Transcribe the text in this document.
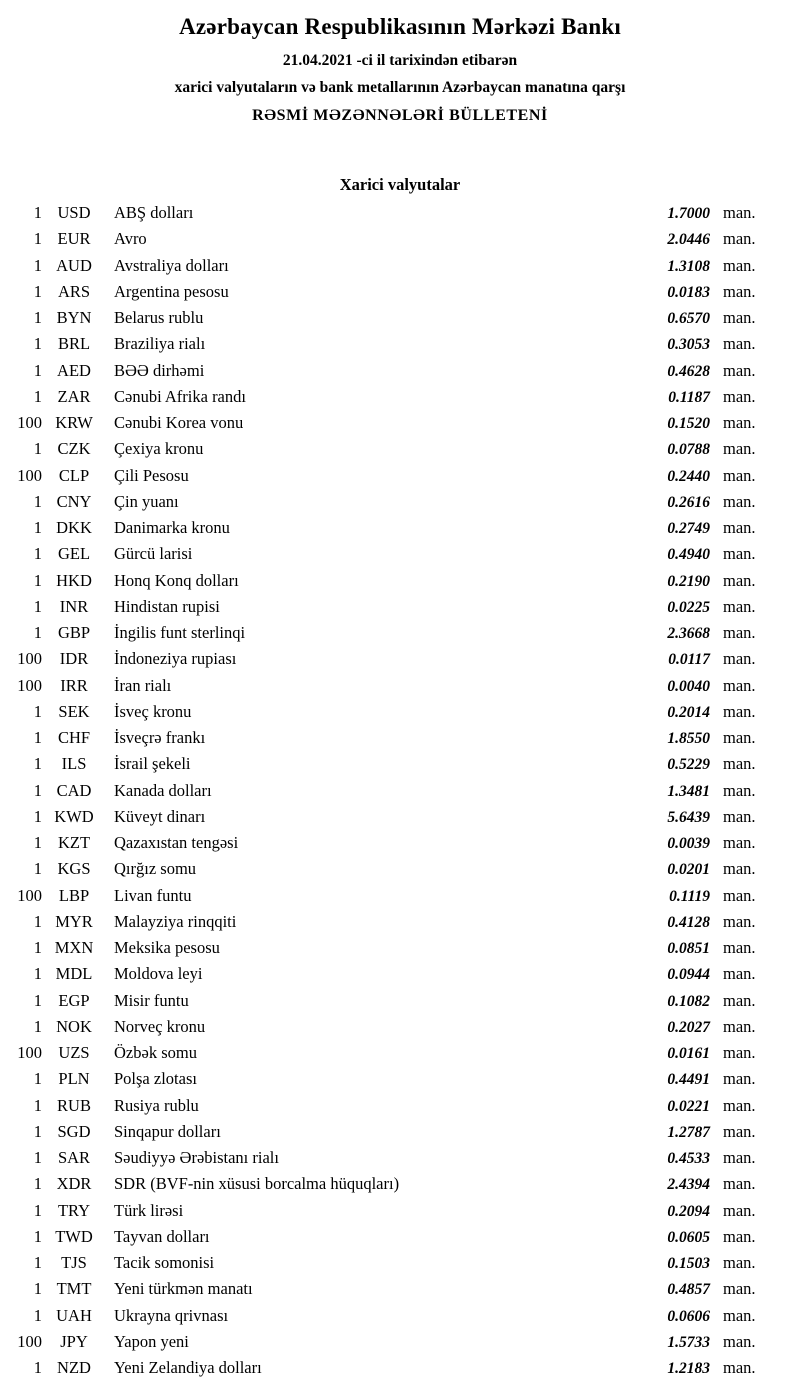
Azərbaycan Respublikasının Mərkəzi Bankı
21.04.2021 -ci il tarixindən etibarən
xarici valyutaların və bank metallarının Azərbaycan manatına qarşı
RƏSMİ MƏZƏNNƏLƏRİ BÜLLETENİ
Xarici valyutalar
1 USD	ABŞ dolları	1.7000 man.
1 EUR	Avro	2.0446 man.
1 AUD	Avstraliya dolları	1.3108 man.
1 ARS	Argentina pesosu	0.0183 man.
1 BYN	Belarus rublu	0.6570 man.
1 BRL	Braziliya rialı	0.3053 man.
1 AED	BƏƏ dirhəmi	0.4628 man.
1 ZAR	Cənubi Afrika randı	0.1187 man.
100 KRW	Cənubi Korea vonu	0.1520 man.
1 CZK	Çexiya kronu	0.0788 man.
100	CLP	Çili Pesosu	0.2440 man.
1 CNY	Çin yuanı	0.2616 man.
1 DKK	Danimarka kronu	0.2749 man.
1 GEL	Gürcü larisi	0.4940 man.
1 HKD	Honq Konq dolları	0.2190 man.
1	INR	Hindistan rupisi	0.0225 man.
1 GBP	İngilis funt sterlinqi	2.3668 man.
100	IDR	İndoneziya rupiası	0.0117 man.
100	IRR	İran rialı	0.0040 man.
1 SEK	İsveç kronu	0.2014 man.
1 CHF	İsveçrə frankı	1.8550 man.
1	ILS	İsrail şekeli	0.5229 man.
1 CAD	Kanada dolları	1.3481 man.
1 KWD	Küveyt dinarı	5.6439 man.
1 KZT	Qazaxıstan tengəsi	0.0039 man.
1 KGS	Qırğız somu	0.0201 man.
100	LBP	Livan funtu	0.1119 man.
1 MYR	Malayziya rinqqiti	0.4128 man.
1 MXN	Meksika pesosu	0.0851 man.
1 MDL	Moldova leyi	0.0944 man.
1 EGP	Misir funtu	0.1082 man.
1 NOK	Norveç kronu	0.2027 man.
100 UZS	Özbək somu	0.0161 man.
1 PLN	Polşa zlotası	0.4491 man.
1 RUB	Rusiya rublu	0.0221 man.
1 SGD	Sinqapur dolları	1.2787 man.
1 SAR	Səudiyyə Ərəbistanı rialı	0.4533 man.
1 XDR	SDR (BVF-nin xüsusi borcalma hüquqları)	2.4394 man.
1 TRY	Türk lirəsi	0.2094 man.
1 TWD	Tayvan dolları	0.0605 man.
1	TJS	Tacik somonisi	0.1503 man.
1 TMT	Yeni türkmən manatı	0.4857 man.
1 UAH	Ukrayna qrivnası	0.0606 man.
100	JPY	Yapon yeni	1.5733 man.
1 NZD	Yeni Zelandiya dolları	1.2183 man.
